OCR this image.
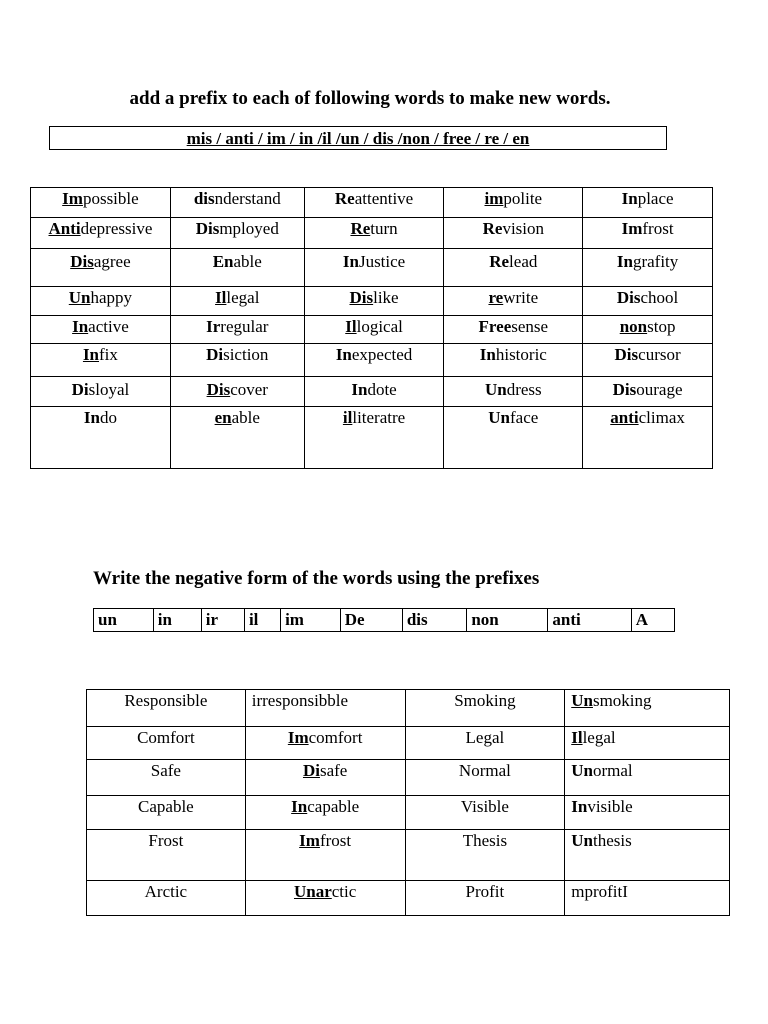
add a prefix to each of following words to make new words.
mis / anti / im / in /il /un / dis /non / free / re / en
Impossible	disnderstand	Reattentive	impolite	Inplace
Antidepressive	Dismployed	Return	Revision	Imfrost
Disagree	Enable	InJustice	Relead	Ingrafity
Unhappy	Illegal	Dislike	rewrite	Dischool
Inactive	Irregular	Illogical	Freesense	nonstop
Infix	Disiction	Inexpected	Inhistoric	Discursor
Disloyal	Discover	Indote	Undress	Disourage
Indo	enable	illiteratre	Unface	anticlimax
Write the negative form of the words using the prefixes
un	in	ir	il	im	De	dis	non	anti	A
Responsible	irresponsibble	Smoking	Unsmoking
Comfort	Imcomfort	Legal	Illegal
Safe	Disafe	Normal	Unormal
Capable	Incapable	Visible	Invisible
Frost	Imfrost	Thesis	Unthesis
Arctic	Unarctic	Profit	mprofitI
